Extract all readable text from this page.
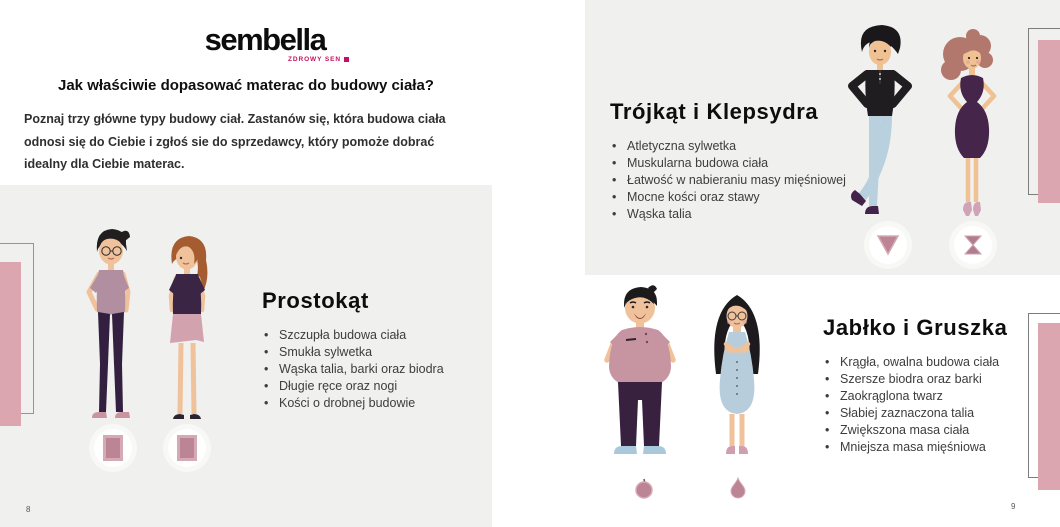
sembella
ZDROWY SEN
Jak właściwie dopasować materac do budowy ciała?

Poznaj trzy główne typy budowy ciał. Zastanów się, która budowa ciała odnosi się do Ciebie i zgłoś sie do sprzedawcy, który pomoże dobrać idealny dla Ciebie materac.

Prostokąt
• Szczupła budowa ciała
• Smukła sylwetka
• Wąska talia, barki oraz biodra
• Długie ręce oraz nogi
• Kości o drobnej budowie
8
Trójkąt i Klepsydra
• Atletyczna sylwetka
• Muskularna budowa ciała
• Łatwość w nabieraniu masy mięśniowej
• Mocne kości oraz stawy
• Wąska talia
Jabłko i Gruszka
• Krągła, owalna budowa ciała
• Szersze biodra oraz barki
• Zaokrąglona twarz
• Słabiej zaznaczona talia
• Zwiększona masa ciała
• Mniejsza masa mięśniowa
9
